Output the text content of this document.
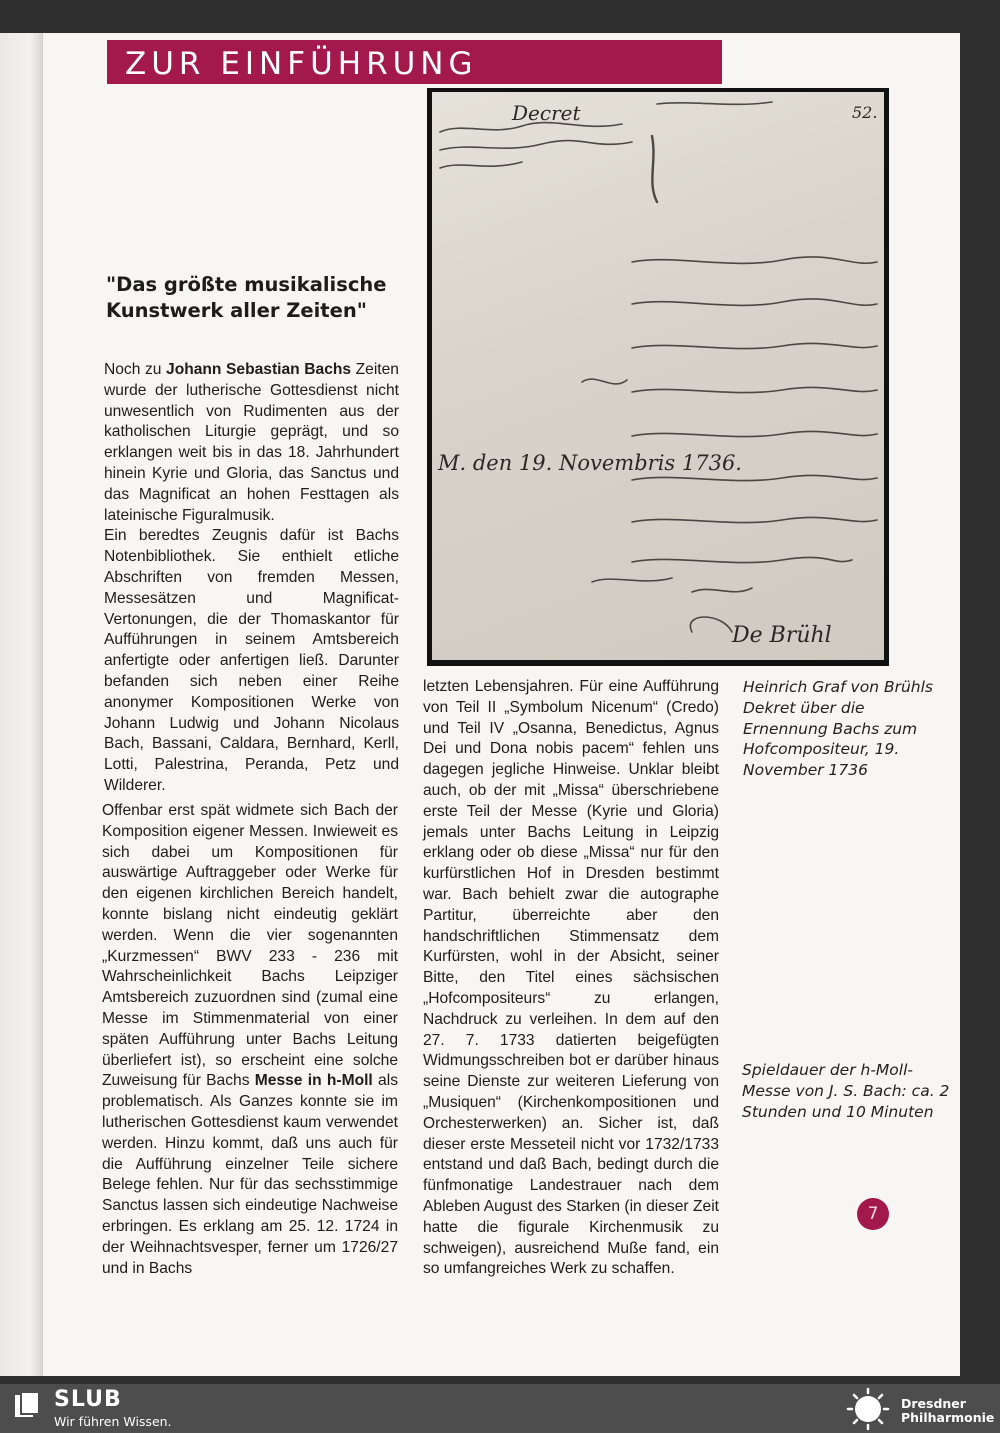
ZUR EINFÜHRUNG
"Das größte musikalische Kunstwerk aller Zeiten"

Noch zu Johann Sebastian Bachs Zeiten wurde der lutherische Gottesdienst nicht unwesentlich von Rudimenten aus der katholischen Liturgie geprägt, und so erklangen weit bis in das 18. Jahrhundert hinein Kyrie und Gloria, das Sanctus und das Magnificat an hohen Festtagen als lateinische Figuralmusik.

Ein beredtes Zeugnis dafür ist Bachs Notenbibliothek. Sie enthielt etliche Abschriften von fremden Messen, Messesätzen und Magnificat-Vertonungen, die der Thomaskantor für Aufführungen in seinem Amtsbereich anfertigte oder anfertigen ließ. Darunter befanden sich neben einer Reihe anonymer Kompositionen Werke von Johann Ludwig und Johann Nicolaus Bach, Bassani, Caldara, Bernhard, Kerll, Lotti, Palestrina, Peranda, Petz und Wilderer.

Offenbar erst spät widmete sich Bach der Komposition eigener Messen. Inwieweit es sich dabei um Kompositionen für auswärtige Auftraggeber oder Werke für den eigenen kirchlichen Bereich handelt, konnte bislang nicht eindeutig geklärt werden. Wenn die vier sogenannten „Kurzmessen“ BWV 233 - 236 mit Wahrscheinlichkeit Bachs Leipziger Amtsbereich zuzuordnen sind (zumal eine Messe im Stimmenmaterial von einer späten Aufführung unter Bachs Leitung überliefert ist), so erscheint eine solche Zuweisung für Bachs Messe in h-Moll als problematisch. Als Ganzes konnte sie im lutherischen Gottesdienst kaum verwendet werden. Hinzu kommt, daß uns auch für die Aufführung einzelner Teile sichere Belege fehlen. Nur für das sechsstimmige Sanctus lassen sich eindeutige Nachweise erbringen. Es erklang am 25. 12. 1724 in der Weihnachtsvesper, ferner um 1726/27 und in Bachs

letzten Lebensjahren. Für eine Aufführung von Teil II „Symbolum Nicenum“ (Credo) und Teil IV „Osanna, Benedictus, Agnus Dei und Dona nobis pacem“ fehlen uns dagegen jegliche Hinweise. Unklar bleibt auch, ob der mit „Missa“ überschriebene erste Teil der Messe (Kyrie und Gloria) jemals unter Bachs Leitung in Leipzig erklang oder ob diese „Missa“ nur für den kurfürstlichen Hof in Dresden bestimmt war. Bach behielt zwar die autographe Partitur, überreichte aber den handschriftlichen Stimmensatz dem Kurfürsten, wohl in der Absicht, seiner Bitte, den Titel eines sächsischen „Hofcompositeurs“ zu erlangen, Nachdruck zu verleihen. In dem auf den 27. 7. 1733 datierten beigefügten Widmungsschreiben bot er darüber hinaus seine Dienste zur weiteren Lieferung von „Musiquen“ (Kirchenkompositionen und Orchesterwerken) an. Sicher ist, daß dieser erste Messeteil nicht vor 1732/1733 entstand und daß Bach, bedingt durch die fünfmonatige Landestrauer nach dem Ableben August des Starken (in dieser Zeit hatte die figurale Kirchenmusik zu schweigen), ausreichend Muße fand, ein so umfangreiches Werk zu schaffen.

Decret	52.
M. den 19. Novembris 1736.
De Brühl
Heinrich Graf von Brühls Dekret über die Ernennung Bachs zum Hofcompositeur, 19. November 1736
Spieldauer der h-Moll-Messe von J. S. Bach: ca. 2 Stunden und 10 Minuten
7
SLUB
Wir führen Wissen.
Dresdner
Philharmonie
